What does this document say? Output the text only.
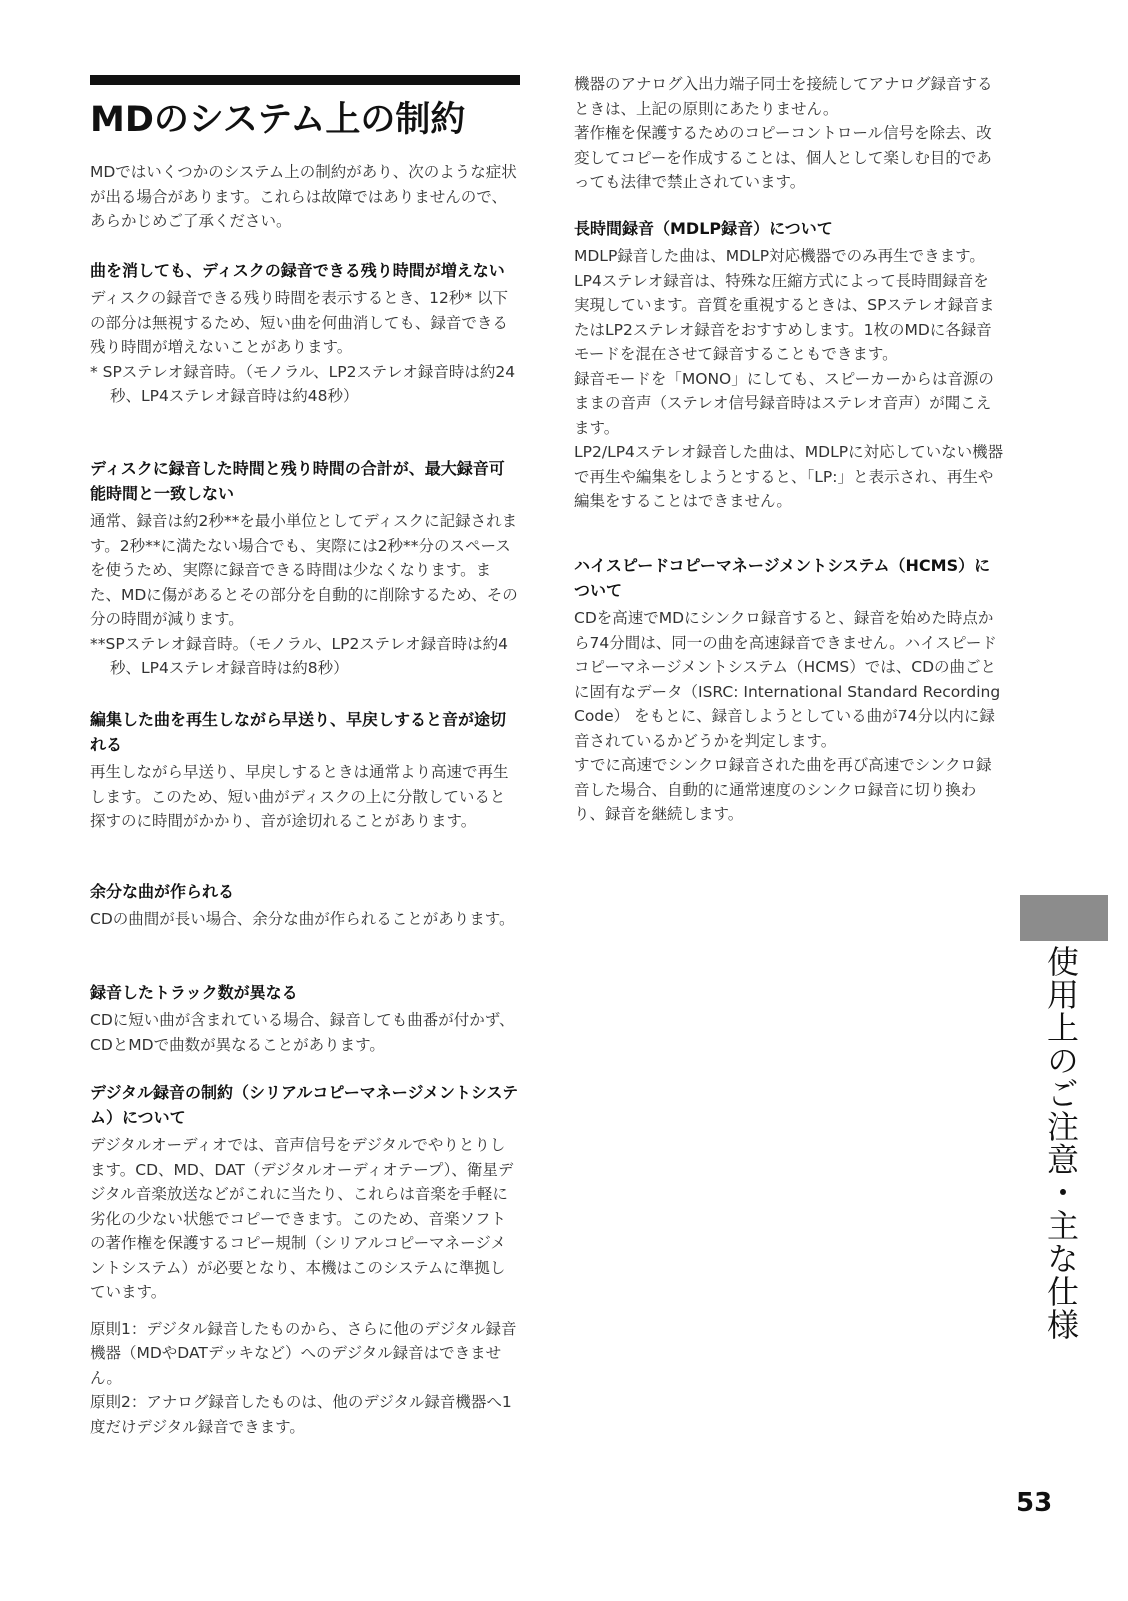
MDのシステム上の制約

MDではいくつかのシステム上の制約があり、次のような症状が出る場合があります。これらは故障ではありませんので、あらかじめご了承ください。

曲を消しても、ディスクの録音できる残り時間が増えない

ディスクの録音できる残り時間を表示するとき、12秒* 以下の部分は無視するため、短い曲を何曲消しても、録音できる残り時間が増えないことがあります。

* SPステレオ録音時。（モノラル、LP2ステレオ録音時は約24秒、LP4ステレオ録音時は約48秒）
ディスクに録音した時間と残り時間の合計が、最大録音可能時間と一致しない

通常、録音は約2秒**を最小単位としてディスクに記録されます。2秒**に満たない場合でも、実際には2秒**分のスペースを使うため、実際に録音できる時間は少なくなります。また、MDに傷があるとその部分を自動的に削除するため、その分の時間が減ります。

**SPステレオ録音時。（モノラル、LP2ステレオ録音時は約4秒、LP4ステレオ録音時は約8秒）
編集した曲を再生しながら早送り、早戻しすると音が途切れる

再生しながら早送り、早戻しするときは通常より高速で再生します。このため、短い曲がディスクの上に分散していると探すのに時間がかかり、音が途切れることがあります。

余分な曲が作られる

CDの曲間が長い場合、余分な曲が作られることがあります。

録音したトラック数が異なる

CDに短い曲が含まれている場合、録音しても曲番が付かず、CDとMDで曲数が異なることがあります。

デジタル録音の制約（シリアルコピーマネージメントシステム）について

デジタルオーディオでは、音声信号をデジタルでやりとりします。CD、MD、DAT（デジタルオーディオテープ）、衛星デジタル音楽放送などがこれに当たり、これらは音楽を手軽に劣化の少ない状態でコピーできます。このため、音楽ソフトの著作権を保護するコピー規制（シリアルコピーマネージメントシステム）が必要となり、本機はこのシステムに準拠しています。

原則1：デジタル録音したものから、さらに他のデジタル録音機器（MDやDATデッキなど）へのデジタル録音はできません。

原則2：アナログ録音したものは、他のデジタル録音機器へ1度だけデジタル録音できます。

機器のアナログ入出力端子同士を接続してアナログ録音するときは、上記の原則にあたりません。

著作権を保護するためのコピーコントロール信号を除去、改変してコピーを作成することは、個人として楽しむ目的であっても法律で禁止されています。

長時間録音（MDLP録音）について

MDLP録音した曲は、MDLP対応機器でのみ再生できます。LP4ステレオ録音は、特殊な圧縮方式によって長時間録音を実現しています。音質を重視するときは、SPステレオ録音またはLP2ステレオ録音をおすすめします。1枚のMDに各録音モードを混在させて録音することもできます。

録音モードを「MONO」にしても、スピーカーからは音源のままの音声（ステレオ信号録音時はステレオ音声）が聞こえます。

LP2/LP4ステレオ録音した曲は、MDLPに対応していない機器で再生や編集をしようとすると、「LP:」と表示され、再生や編集をすることはできません。

ハイスピードコピーマネージメントシステム（HCMS）について

CDを高速でMDにシンクロ録音すると、録音を始めた時点から74分間は、同一の曲を高速録音できません。ハイスピードコピーマネージメントシステム（HCMS）では、CDの曲ごとに固有なデータ（ISRC: International Standard Recording Code） をもとに、録音しようとしている曲が74分以内に録音されているかどうかを判定します。

すでに高速でシンクロ録音された曲を再び高速でシンクロ録音した場合、自動的に通常速度のシンクロ録音に切り換わり、録音を継続します。

使用上のご注意・主な仕様
53
